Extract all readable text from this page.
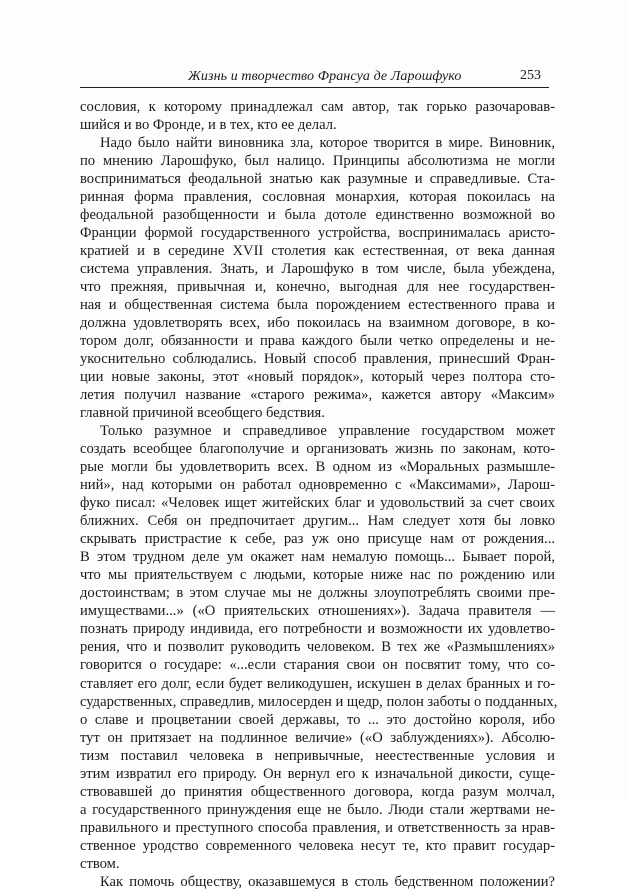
Жизнь и творчество Франсуа де Ларошфуко	253
сословия, к которому принадлежал сам автор, так горько разочаровав-
шийся и во Фронде, и в тех, кто ее делал.
Надо было найти виновника зла, которое творится в мире. Виновник,
по мнению Ларошфуко, был налицо. Принципы абсолютизма не могли
восприниматься феодальной знатью как разумные и справедливые. Ста-
ринная форма правления, сословная монархия, которая покоилась на
феодальной разобщенности и была дотоле единственно возможной во
Франции формой государственного устройства, воспринималась аристо-
кратией и в середине XVII столетия как естественная, от века данная
система управления. Знать, и Ларошфуко в том числе, была убеждена,
что прежняя, привычная и, конечно, выгодная для нее государствен-
ная и общественная система была порождением естественного права и
должна удовлетворять всех, ибо покоилась на взаимном договоре, в ко-
тором долг, обязанности и права каждого были четко определены и не-
укоснительно соблюдались. Новый способ правления, принесший Фран-
ции новые законы, этот «новый порядок», который через полтора сто-
летия получил название «старого режима», кажется автору «Максим»
главной причиной всеобщего бедствия.
Только разумное и справедливое управление государством может
создать всеобщее благополучие и организовать жизнь по законам, кото-
рые могли бы удовлетворить всех. В одном из «Моральных размышле-
ний», над которыми он работал одновременно с «Максимами», Ларош-
фуко писал: «Человек ищет житейских благ и удовольствий за счет своих
ближних. Себя он предпочитает другим... Нам следует хотя бы ловко
скрывать пристрастие к себе, раз уж оно присуще нам от рождения...
В этом трудном деле ум окажет нам немалую помощь... Бывает порой,
что мы приятельствуем с людьми, которые ниже нас по рождению или
достоинствам; в этом случае мы не должны злоупотреблять своими пре-
имуществами...» («О приятельских отношениях»). Задача правителя —
познать природу индивида, его потребности и возможности их удовлетво-
рения, что и позволит руководить человеком. В тех же «Размышлениях»
говорится о государе: «...если старания свои он посвятит тому, что со-
ставляет его долг, если будет великодушен, искушен в делах бранных и го-
сударственных, справедлив, милосерден и щедр, полон заботы о подданных,
о славе и процветании своей державы, то ... это достойно короля, ибо
тут он притязает на подлинное величие» («О заблуждениях»). Абсолю-
тизм поставил человека в непривычные, неестественные условия и
этим извратил его природу. Он вернул его к изначальной дикости, суще-
ствовавшей до принятия общественного договора, когда разум молчал,
а государственного принуждения еще не было. Люди стали жертвами не-
правильного и преступного способа правления, и ответственность за нрав-
ственное уродство современного человека несут те, кто правит государ-
ством.
Как помочь обществу, оказавшемуся в столь бедственном положении?
